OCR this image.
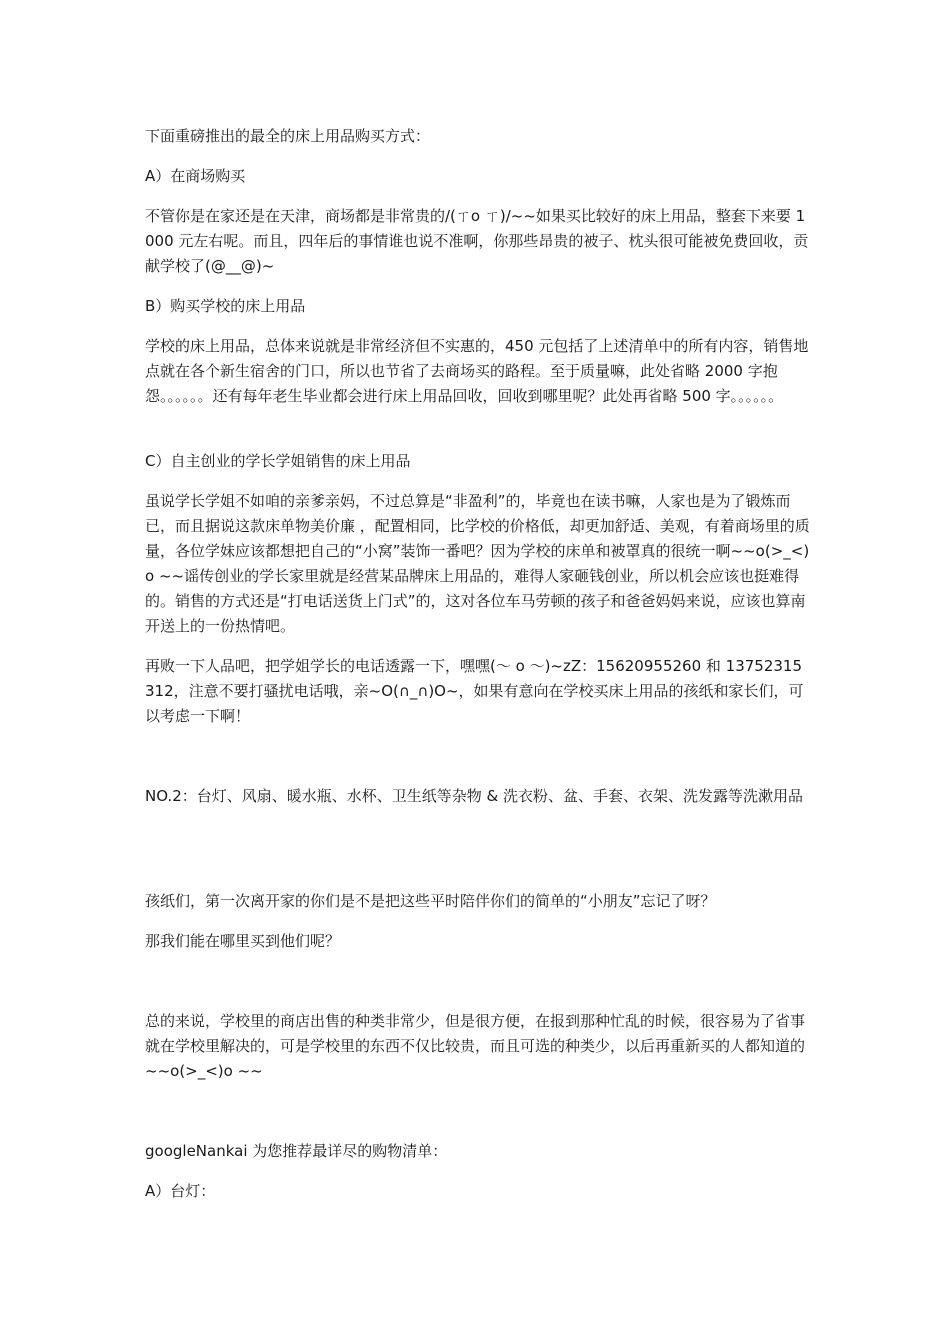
下面重磅推出的最全的床上用品购买方式：

A）在商场购买

不管你是在家还是在天津，商场都是非常贵的/(ㄒo ㄒ)/~~如果买比较好的床上用品，整套下来要 1000 元左右呢。而且，四年后的事情谁也说不准啊，你那些昂贵的被子、枕头很可能被免费回收，贡献学校了(@__@)~

B）购买学校的床上用品

学校的床上用品，总体来说就是非常经济但不实惠的，450 元包括了上述清单中的所有内容，销售地点就在各个新生宿舍的门口，所以也节省了去商场买的路程。至于质量嘛，此处省略 2000 字抱怨。。。。。。还有每年老生毕业都会进行床上用品回收，回收到哪里呢？此处再省略 500 字。。。。。。

C）自主创业的学长学姐销售的床上用品

虽说学长学姐不如咱的亲爹亲妈，不过总算是“非盈利”的，毕竟也在读书嘛，人家也是为了锻炼而已，而且据说这款床单物美价廉 ，配置相同，比学校的价格低，却更加舒适、美观，有着商场里的质量，各位学妹应该都想把自己的“小窝”装饰一番吧？因为学校的床单和被罩真的很统一啊~~o(>_<)o ~~谣传创业的学长家里就是经营某品牌床上用品的，难得人家砸钱创业，所以机会应该也挺难得的。销售的方式还是“打电话送货上门式”的，这对各位车马劳顿的孩子和爸爸妈妈来说，应该也算南开送上的一份热情吧。

再败一下人品吧，把学姐学长的电话透露一下，嘿嘿(～ o ～)~zZ：15620955260 和 13752315312，注意不要打骚扰电话哦，亲~O(∩_∩)O~，如果有意向在学校买床上用品的孩纸和家长们，可以考虑一下啊！

NO.2：台灯、风扇、暖水瓶、水杯、卫生纸等杂物 & 洗衣粉、盆、手套、衣架、洗发露等洗漱用品

孩纸们，第一次离开家的你们是不是把这些平时陪伴你们的简单的“小朋友”忘记了呀？

那我们能在哪里买到他们呢？

总的来说，学校里的商店出售的种类非常少，但是很方便，在报到那种忙乱的时候，很容易为了省事就在学校里解决的，可是学校里的东西不仅比较贵，而且可选的种类少，以后再重新买的人都知道的~~o(>_<)o ~~

googleNankai 为您推荐最详尽的购物清单：

A）台灯：
